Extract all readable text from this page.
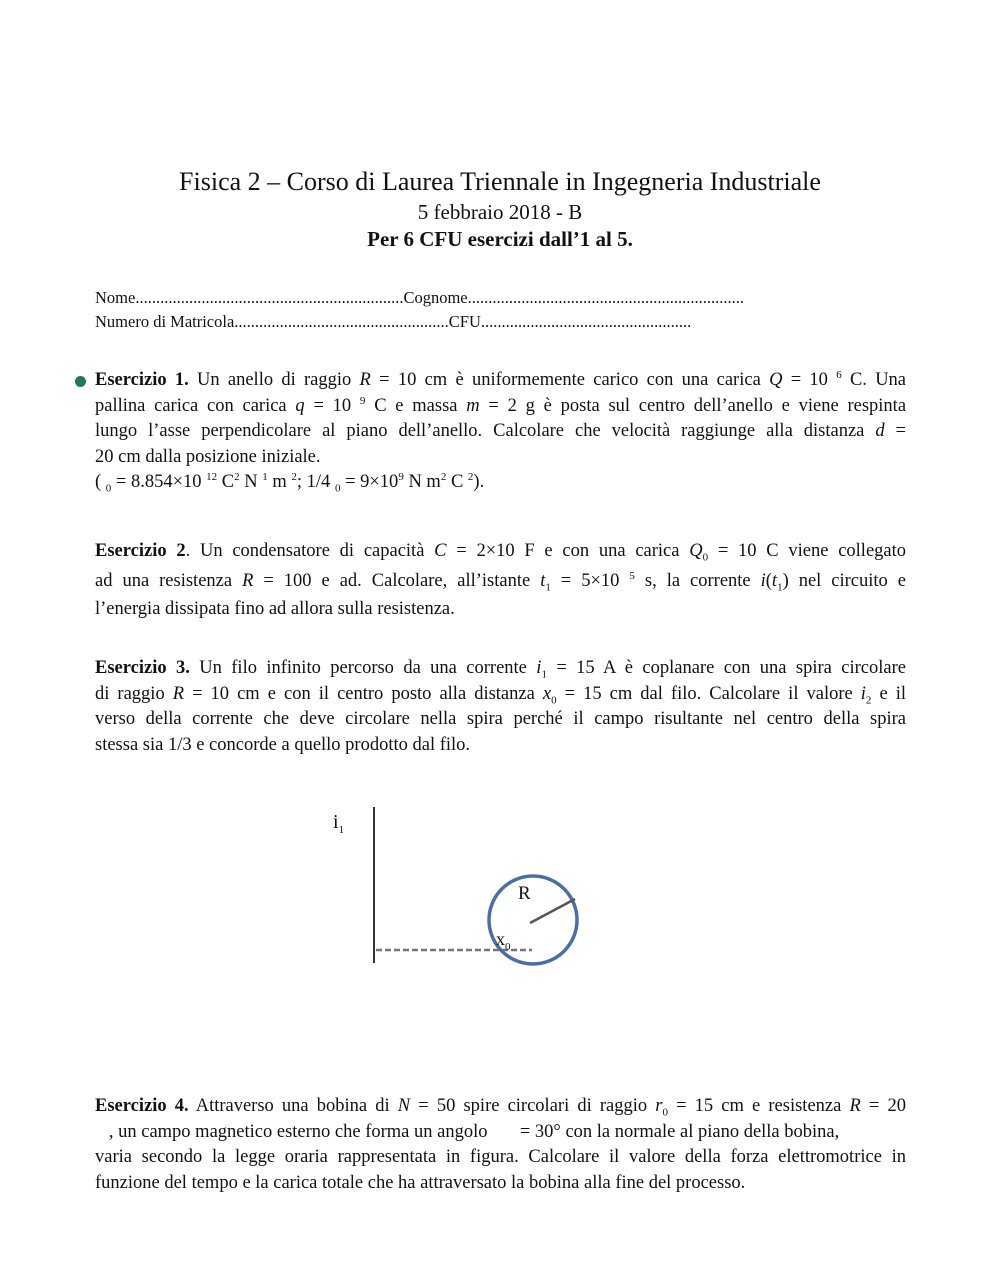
Fisica 2 – Corso di Laurea Triennale in Ingegneria Industriale
5 febbraio 2018 - B
Per 6 CFU esercizi dall’1 al 5.
Nome.................................................................Cognome...................................................................
Numero di Matricola....................................................CFU...................................................
Esercizio 1. Un anello di raggio R = 10 cm è uniformemente carico con una carica Q = 10 $^6$ C. Una
pallina carica con carica q = 10 $^9$ C e massa m = 2 g è posta sul centro dell’anello e viene respinta
lungo l’asse perpendicolare al piano dell’anello. Calcolare che velocità raggiunge alla distanza d =
20 cm dalla posizione iniziale.
( $_0$ = 8.854×10 $^{12}$ $C^2$ N $^1$ m $^2$; 1/4 $_0 = 9\times 10^9$ N $m^2$ C $^2$).
Esercizio 2. Un condensatore di capacità C = 2×10 F e con una carica $Q_0 = 10$ C viene collegato
ad una resistenza R = 100 e ad. Calcolare, all’istante $t_1 = 5\times 10$ $^5$ s, la corrente $i(t_1)$ nel circuito e
l’energia dissipata fino ad allora sulla resistenza.
Esercizio 3. Un filo infinito percorso da una corrente $i_1 = 15$ A è coplanare con una spira circolare
di raggio R = 10 cm e con il centro posto alla distanza $x_0 = 15$ cm dal filo. Calcolare il valore $i_2$ e il
verso della corrente che deve circolare nella spira perché il campo risultante nel centro della spira
stessa sia 1/3 e concorde a quello prodotto dal filo.
$i_1$
R
$x_0$
Esercizio 4. Attraverso una bobina di N = 50 spire circolari di raggio $r_0 = 15$ cm e resistenza R = 20
, un campo magnetico esterno che forma un angolo       = 30° con la normale al piano della bobina,
varia secondo la legge oraria rappresentata in figura. Calcolare il valore della forza elettromotrice in
funzione del tempo e la carica totale che ha attraversato la bobina alla fine del processo.
